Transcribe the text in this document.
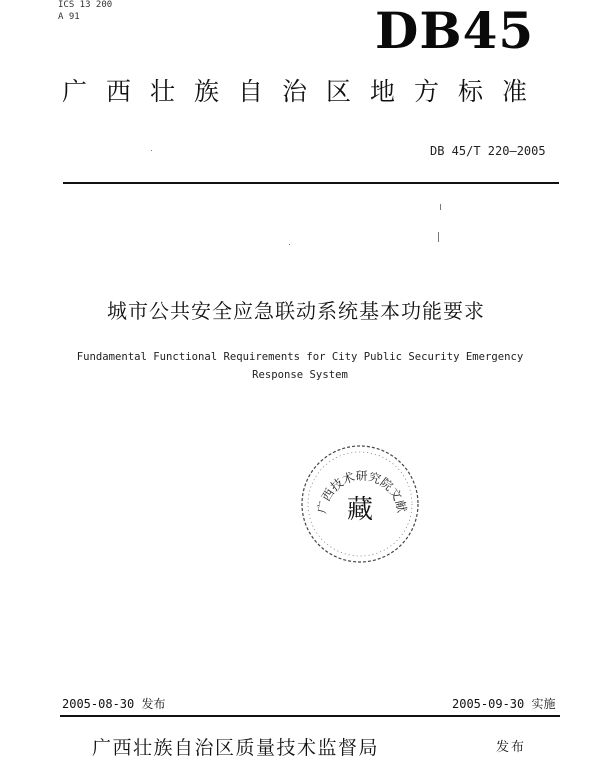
ICS 13 200
A 91	DB45
广西壮族自治区地方标准
DB 45/T 220—2005
城市公共安全应急联动系统基本功能要求
Fundamental Functional Requirements for City Public Security Emergency
Response System
广西技术研究院文献
藏
2005-08-30 发布	2005-09-30 实施
广西壮族自治区质量技术监督局	发布
